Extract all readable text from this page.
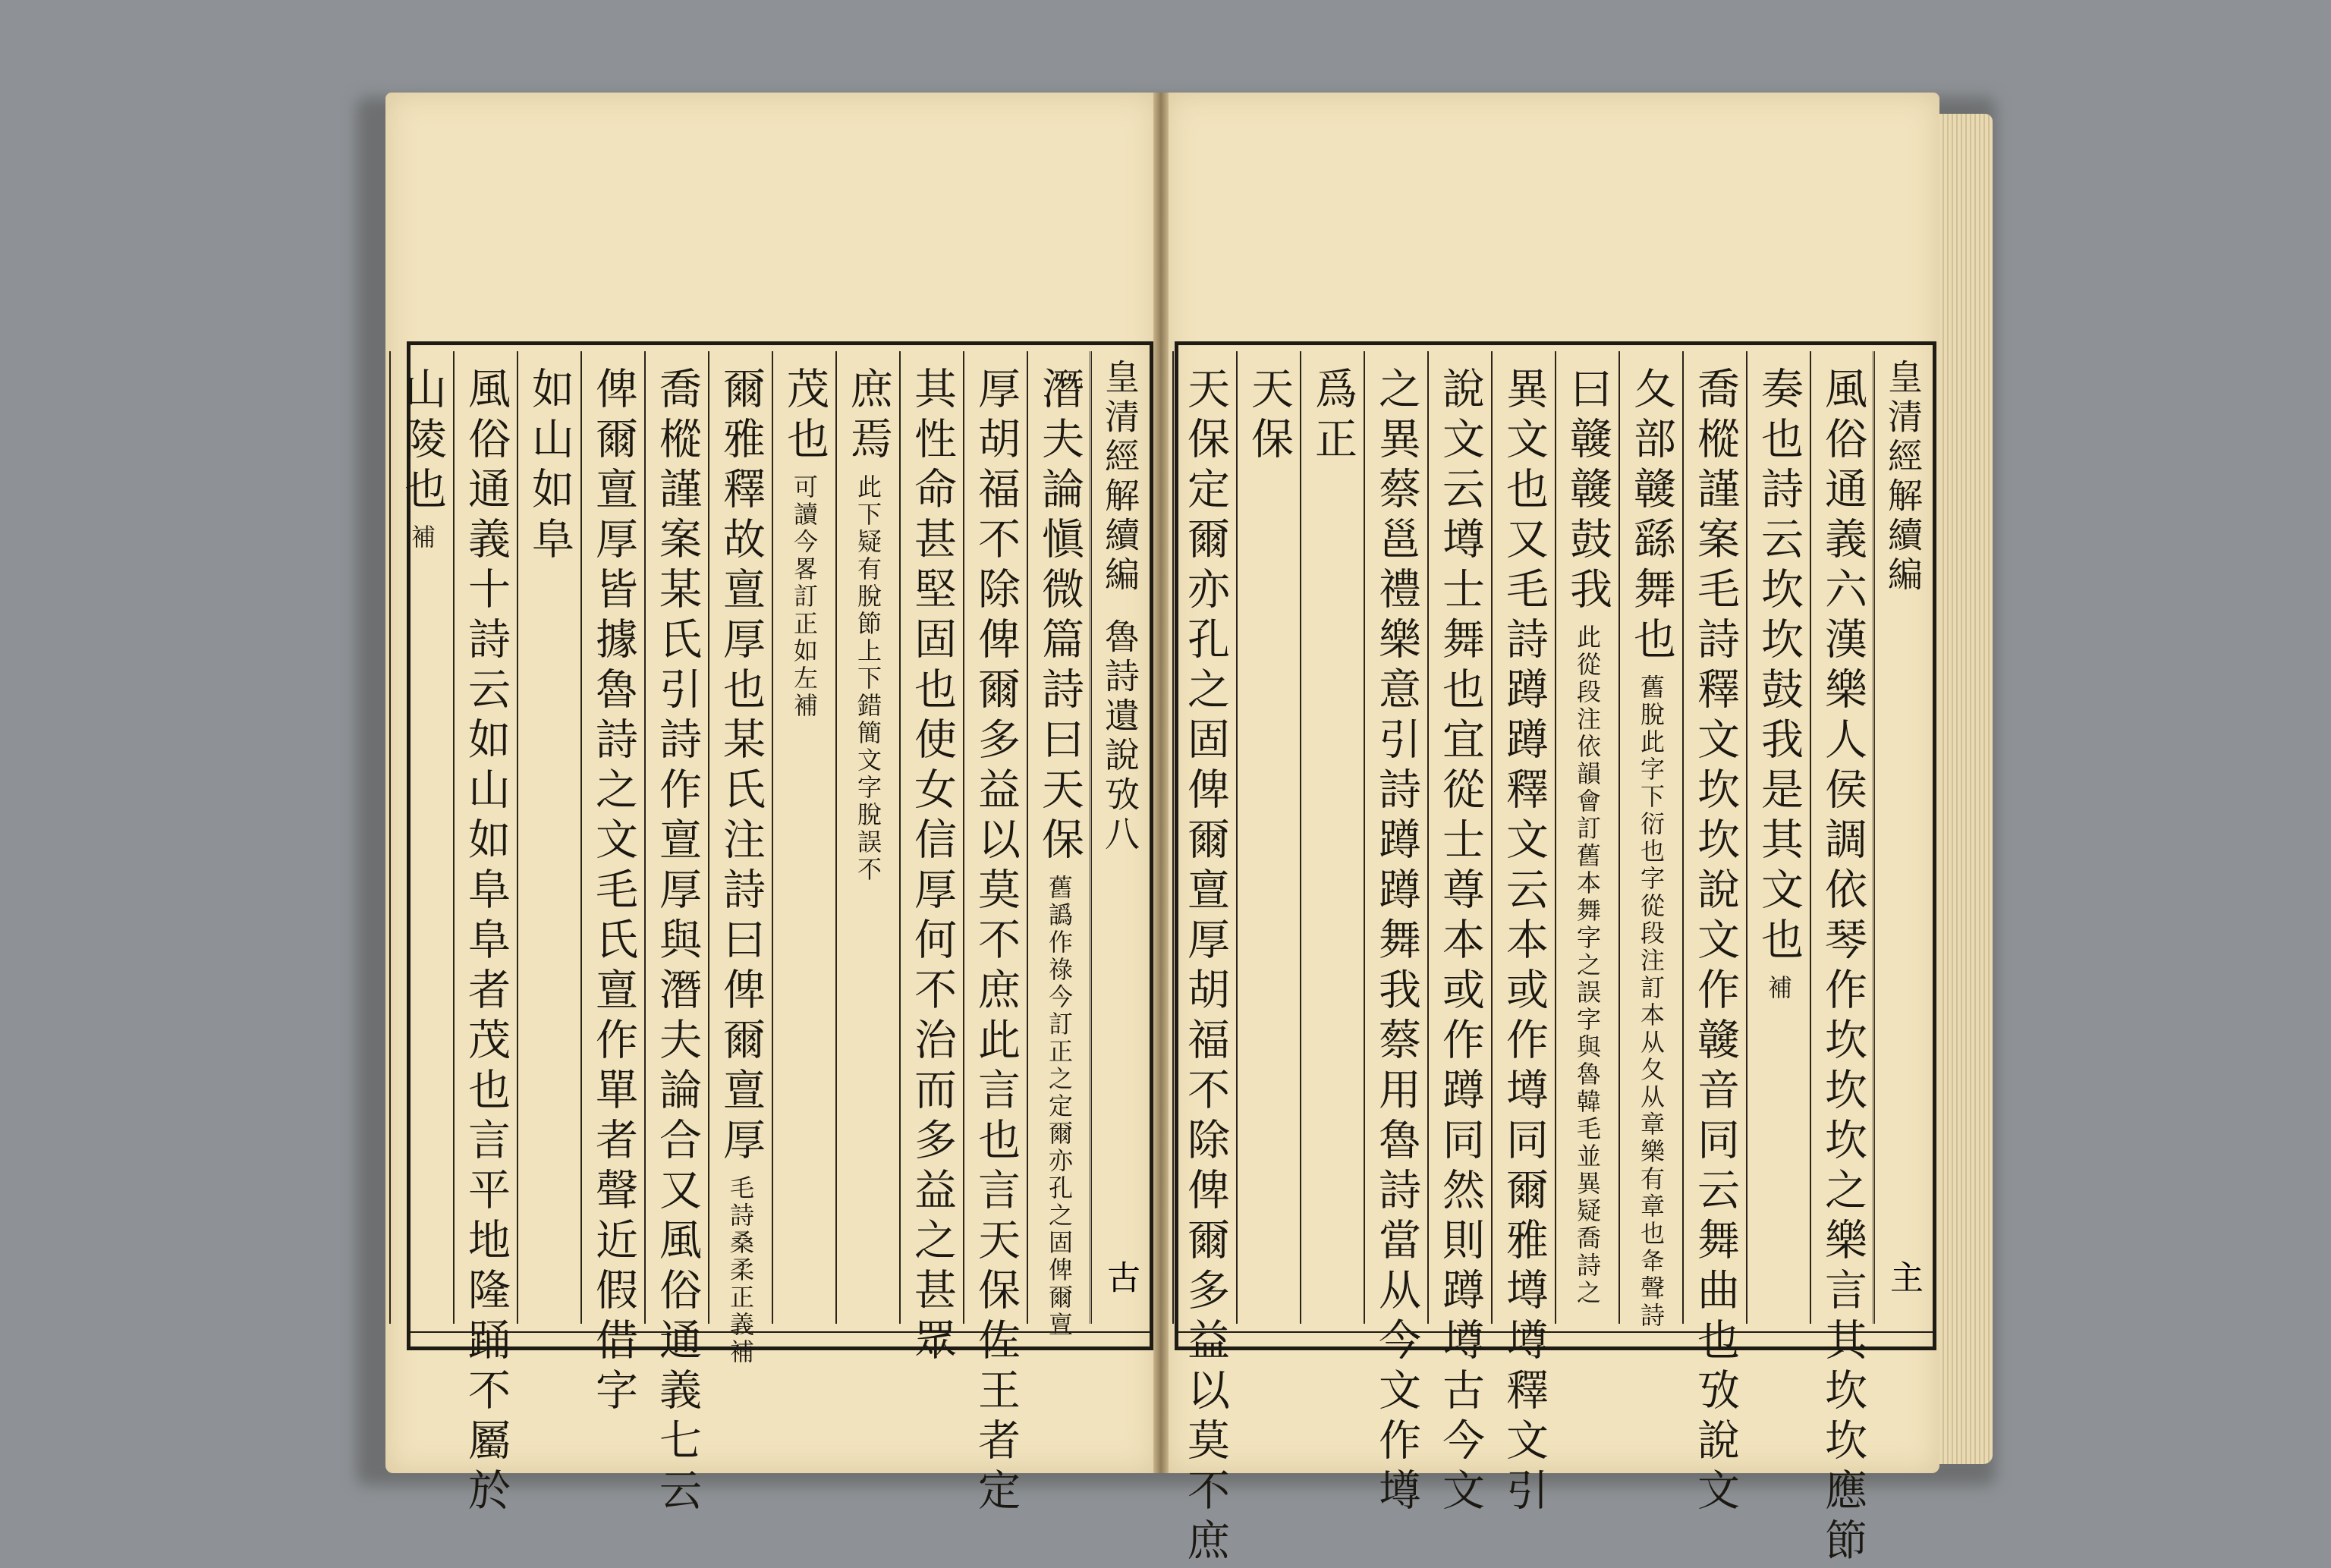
皇清經解續編
魯詩遺說攷八
古
山陵也
補 風俗通義十詩云如山如阜阜者茂也言平地隆踊不屬於 如山如阜 俾爾亶厚皆據魯詩之文毛氏亶作單者聲近假借字 喬樅謹案某氏引詩作亶厚與潛夫論合又風俗通義七云 爾雅釋故亶厚也某氏注詩曰俾爾亶厚
毛詩桑柔正義補
茂也
可讀今畧訂正如左補
庶焉
此下疑有脫節上下錯簡文字脫誤不 其性命甚堅固也使女信厚何不治而多益之甚眾 厚胡福不除俾爾多益以莫不庶此言也言天保佐王者定 潛夫論愼微篇詩曰天保
舊譌作祿今訂正之定爾亦孔之固俾爾亶
皇清經解續編
主
天保定爾亦孔之固俾爾亶厚胡福不除俾爾多益以莫不庶 天保 爲正 之異蔡邕禮樂意引詩蹲蹲舞我蔡用魯詩當从今文作壿 說文云壿士舞也宜從士尊本或作蹲同然則蹲壿古今文 異文也又毛詩蹲蹲釋文云本或作壿同爾雅壿壿釋文引 曰竷竷鼓我
此從段注依韻會訂舊本舞字之誤字與魯韓毛並異疑喬詩之
夂部竷繇舞也
舊脫此字下衍也字從段注訂本从夂从章樂有章也夅聲詩 喬樅謹案毛詩釋文坎坎說文作竷音同云舞曲也攷說文 奏也詩云坎坎鼓我是其文也
補 風俗通義六漢樂人侯調依琴作坎坎坎之樂言其坎坎應節
